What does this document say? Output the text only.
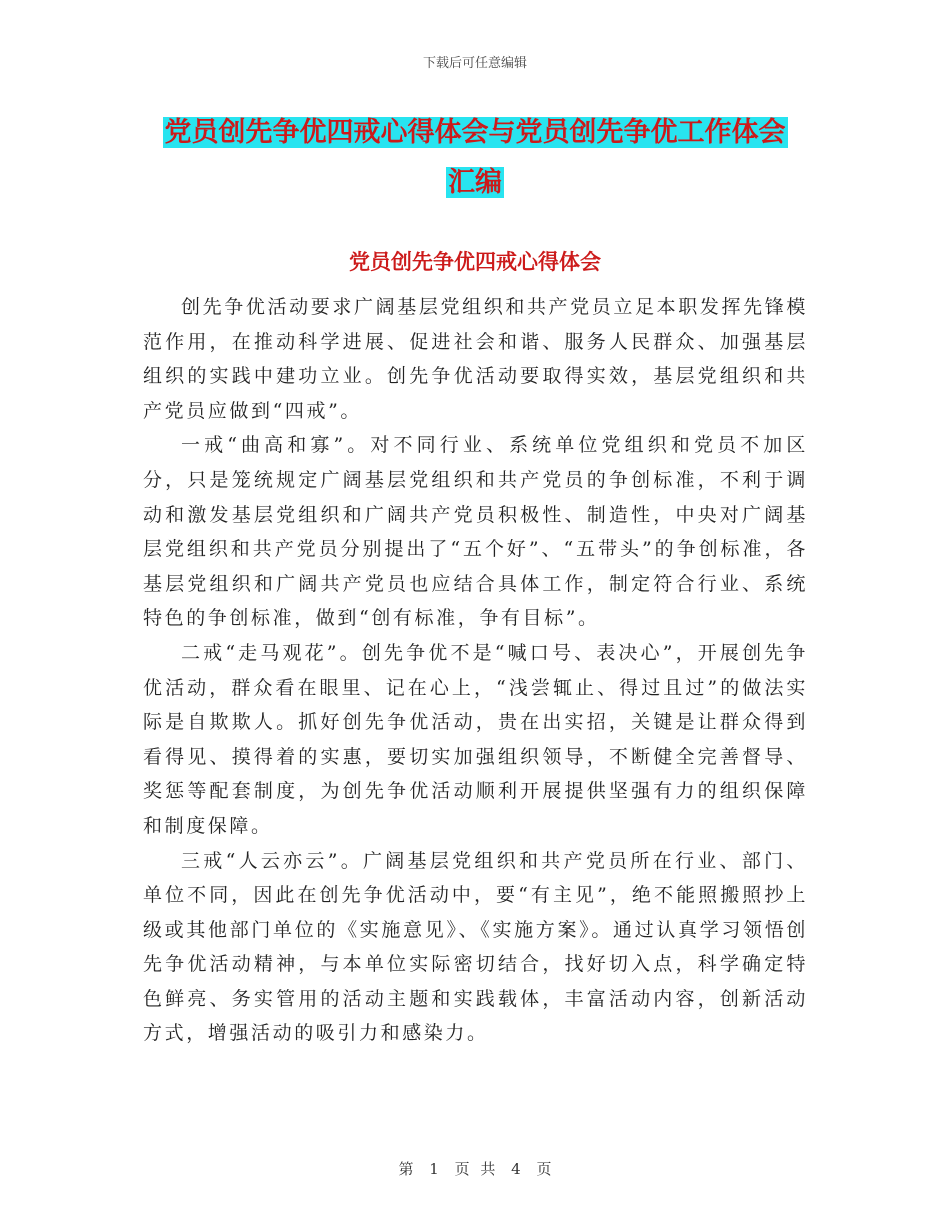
下载后可任意编辑
党员创先争优四戒心得体会与党员创先争优工作体会
汇编
党员创先争优四戒心得体会

创先争优活动要求广阔基层党组织和共产党员立足本职发挥先锋模范作用，在推动科学进展、促进社会和谐、服务人民群众、加强基层组织的实践中建功立业。创先争优活动要取得实效，基层党组织和共产党员应做到“四戒”。

一戒“曲高和寡”。对不同行业、系统单位党组织和党员不加区分，只是笼统规定广阔基层党组织和共产党员的争创标准，不利于调动和激发基层党组织和广阔共产党员积极性、制造性，中央对广阔基层党组织和共产党员分别提出了“五个好”、“五带头”的争创标准，各基层党组织和广阔共产党员也应结合具体工作，制定符合行业、系统特色的争创标准，做到“创有标准，争有目标”。

二戒“走马观花”。创先争优不是“喊口号、表决心”，开展创先争优活动，群众看在眼里、记在心上，“浅尝辄止、得过且过”的做法实际是自欺欺人。抓好创先争优活动，贵在出实招，关键是让群众得到看得见、摸得着的实惠，要切实加强组织领导，不断健全完善督导、奖惩等配套制度，为创先争优活动顺利开展提供坚强有力的组织保障和制度保障。

三戒“人云亦云”。广阔基层党组织和共产党员所在行业、部门、单位不同，因此在创先争优活动中，要“有主见”，绝不能照搬照抄上级或其他部门单位的《实施意见》、《实施方案》。通过认真学习领悟创先争优活动精神，与本单位实际密切结合，找好切入点，科学确定特色鲜亮、务实管用的活动主题和实践载体，丰富活动内容，创新活动方式，增强活动的吸引力和感染力。

第 1 页 共 4 页
